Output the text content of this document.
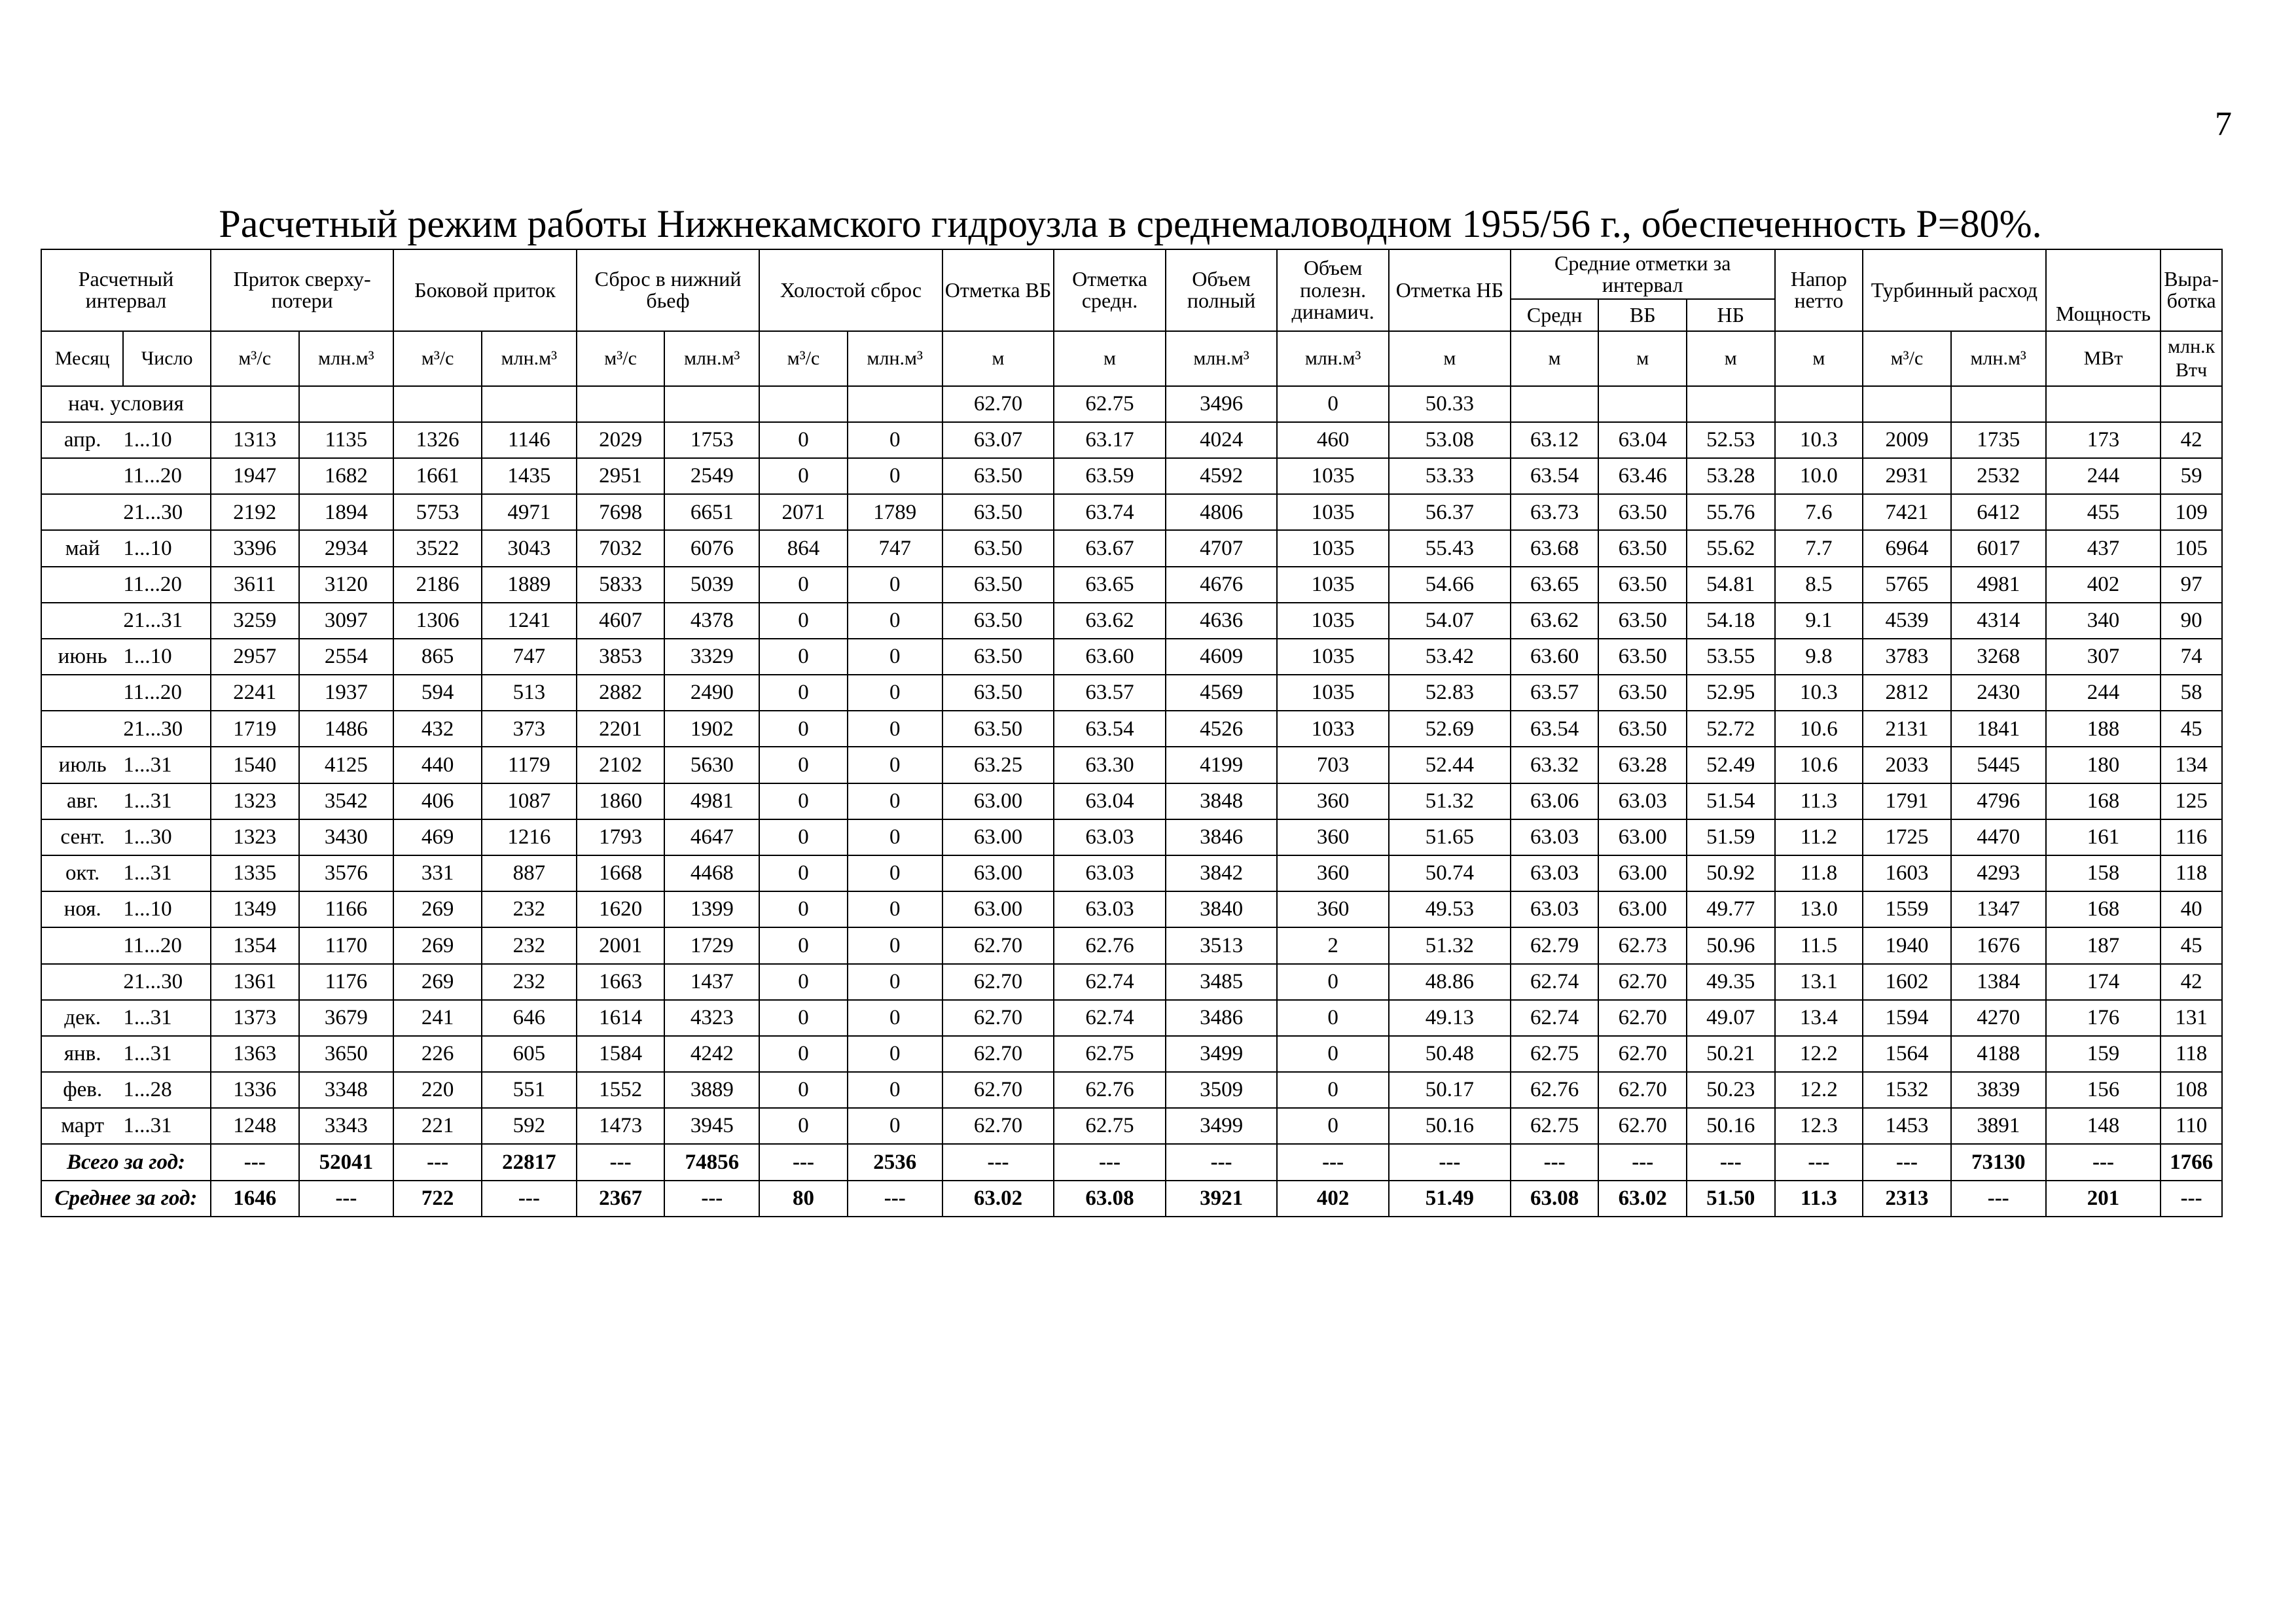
7
Расчетный режим работы Нижнекамского гидроузла в среднемаловодном 1955/56 г., обеспеченность Р=80%.
Расчетный интервал		Приток сверху-потери		Боковой приток		Сброс в нижний бьеф		Холостой сброс		Отметка ВБ	Отметка средн.	Объем полный	Объем полезн. динамич.	Отметка НБ	Средние отметки за интервал			Напор нетто	Турбинный расход		Мощность	Выра-ботка
															Средн	ВБ	НБ					
Месяц	Число	м³/с	млн.м³	м³/с	млн.м³	м³/с	млн.м³	м³/с	млн.м³	м	м	млн.м³	млн.м³	м	м	м	м	м	м³/с	млн.м³	МВт	млн.к Втч
нач. условия										62.70	62.75	3496	0	50.33								
апр.	1...10	1313	1135	1326	1146	2029	1753	0	0	63.07	63.17	4024	460	53.08	63.12	63.04	52.53	10.3	2009	1735	173	42
	11...20	1947	1682	1661	1435	2951	2549	0	0	63.50	63.59	4592	1035	53.33	63.54	63.46	53.28	10.0	2931	2532	244	59
	21...30	2192	1894	5753	4971	7698	6651	2071	1789	63.50	63.74	4806	1035	56.37	63.73	63.50	55.76	7.6	7421	6412	455	109
май	1...10	3396	2934	3522	3043	7032	6076	864	747	63.50	63.67	4707	1035	55.43	63.68	63.50	55.62	7.7	6964	6017	437	105
	11...20	3611	3120	2186	1889	5833	5039	0	0	63.50	63.65	4676	1035	54.66	63.65	63.50	54.81	8.5	5765	4981	402	97
	21...31	3259	3097	1306	1241	4607	4378	0	0	63.50	63.62	4636	1035	54.07	63.62	63.50	54.18	9.1	4539	4314	340	90
июнь	1...10	2957	2554	865	747	3853	3329	0	0	63.50	63.60	4609	1035	53.42	63.60	63.50	53.55	9.8	3783	3268	307	74
	11...20	2241	1937	594	513	2882	2490	0	0	63.50	63.57	4569	1035	52.83	63.57	63.50	52.95	10.3	2812	2430	244	58
	21...30	1719	1486	432	373	2201	1902	0	0	63.50	63.54	4526	1033	52.69	63.54	63.50	52.72	10.6	2131	1841	188	45
июль	1...31	1540	4125	440	1179	2102	5630	0	0	63.25	63.30	4199	703	52.44	63.32	63.28	52.49	10.6	2033	5445	180	134
авг.	1...31	1323	3542	406	1087	1860	4981	0	0	63.00	63.04	3848	360	51.32	63.06	63.03	51.54	11.3	1791	4796	168	125
сент.	1...30	1323	3430	469	1216	1793	4647	0	0	63.00	63.03	3846	360	51.65	63.03	63.00	51.59	11.2	1725	4470	161	116
окт.	1...31	1335	3576	331	887	1668	4468	0	0	63.00	63.03	3842	360	50.74	63.03	63.00	50.92	11.8	1603	4293	158	118
ноя.	1...10	1349	1166	269	232	1620	1399	0	0	63.00	63.03	3840	360	49.53	63.03	63.00	49.77	13.0	1559	1347	168	40
	11...20	1354	1170	269	232	2001	1729	0	0	62.70	62.76	3513	2	51.32	62.79	62.73	50.96	11.5	1940	1676	187	45
	21...30	1361	1176	269	232	1663	1437	0	0	62.70	62.74	3485	0	48.86	62.74	62.70	49.35	13.1	1602	1384	174	42
дек.	1...31	1373	3679	241	646	1614	4323	0	0	62.70	62.74	3486	0	49.13	62.74	62.70	49.07	13.4	1594	4270	176	131
янв.	1...31	1363	3650	226	605	1584	4242	0	0	62.70	62.75	3499	0	50.48	62.75	62.70	50.21	12.2	1564	4188	159	118
фев.	1...28	1336	3348	220	551	1552	3889	0	0	62.70	62.76	3509	0	50.17	62.76	62.70	50.23	12.2	1532	3839	156	108
март	1...31	1248	3343	221	592	1473	3945	0	0	62.70	62.75	3499	0	50.16	62.75	62.70	50.16	12.3	1453	3891	148	110
Всего за год:		---	52041	---	22817	---	74856	---	2536	---	---	---	---	---	---	---	---	---	---	73130	---	1766
Среднее за год:		1646	---	722	---	2367	---	80	---	63.02	63.08	3921	402	51.49	63.08	63.02	51.50	11.3	2313	---	201	---
